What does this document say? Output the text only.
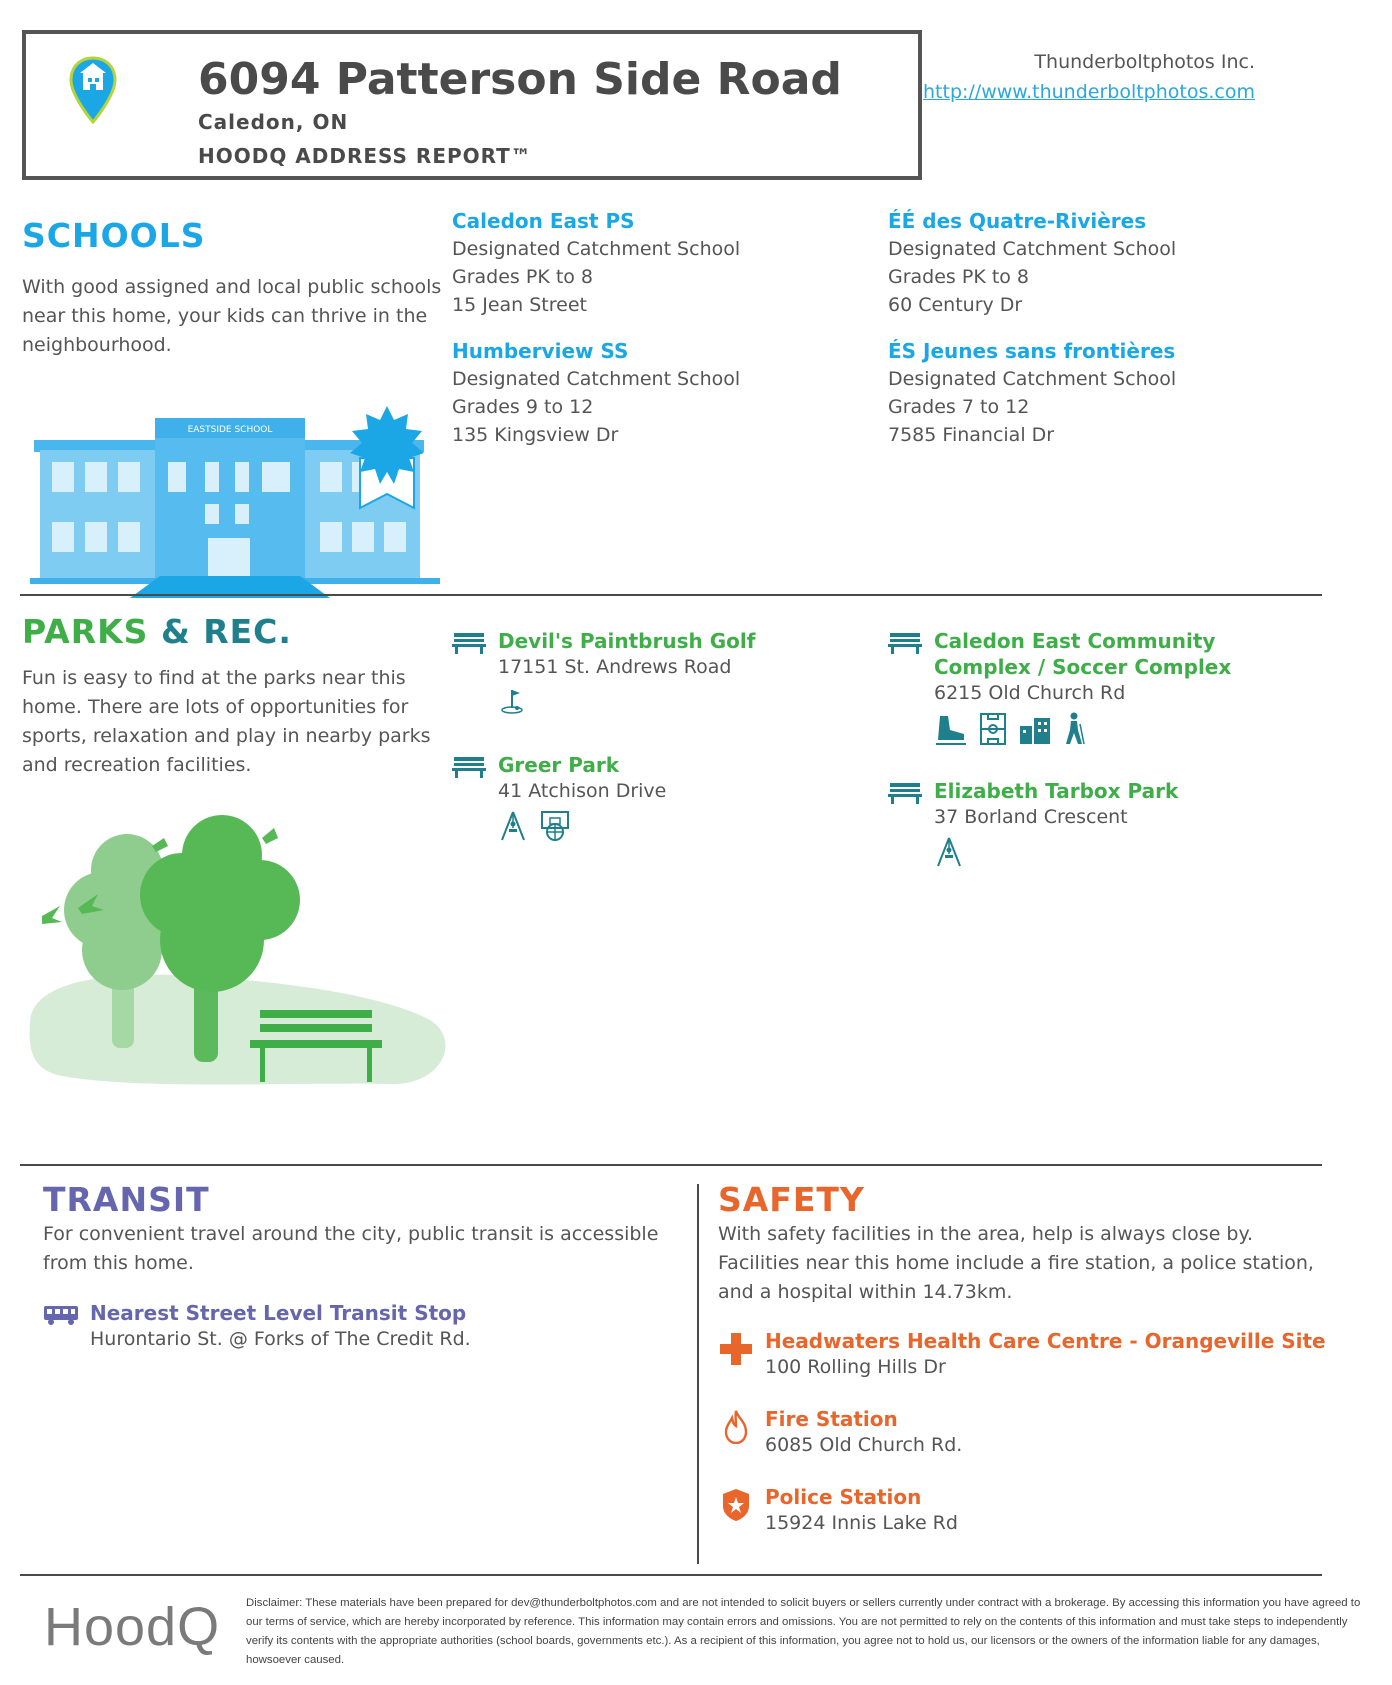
6094 Patterson Side Road
Caledon, ON
HOODQ ADDRESS REPORT™
Thunderboltphotos Inc.
http://www.thunderboltphotos.com
SCHOOLS
With good assigned and local public schools near this home, your kids can thrive in the neighbourhood.
EASTSIDE SCHOOL
Caledon East PS
Designated Catchment School
Grades PK to 8
15 Jean Street
ÉÉ des Quatre-Rivières
Designated Catchment School
Grades PK to 8
60 Century Dr
Humberview SS
Designated Catchment School
Grades 9 to 12
135 Kingsview Dr
ÉS Jeunes sans frontières
Designated Catchment School
Grades 7 to 12
7585 Financial Dr
PARKS & REC.
Fun is easy to find at the parks near this home. There are lots of opportunities for sports, relaxation and play in nearby parks and recreation facilities.
Devil's Paintbrush Golf
17151 St. Andrews Road
Caledon East Community
Complex / Soccer Complex
6215 Old Church Rd
Greer Park
41 Atchison Drive	Elizabeth Tarbox Park
37 Borland Crescent
TRANSIT
For convenient travel around the city, public transit is accessible from this home.
Nearest Street Level Transit Stop
Hurontario St. @ Forks of The Credit Rd.
SAFETY
With safety facilities in the area, help is always close by. Facilities near this home include a fire station, a police station, and a hospital within 14.73km.
Headwaters Health Care Centre - Orangeville Site
100 Rolling Hills Dr
Fire Station
6085 Old Church Rd.
Police Station
15924 Innis Lake Rd
HoodQ Disclaimer: These materials have been prepared for dev@thunderboltphotos.com and are not intended to solicit buyers or sellers currently under contract with a brokerage. By accessing this information you have agreed to our terms of service, which are hereby incorporated by reference. This information may contain errors and omissions. You are not permitted to rely on the contents of this information and must take steps to independently verify its contents with the appropriate authorities (school boards, governments etc.). As a recipient of this information, you agree not to hold us, our licensors or the owners of the information liable for any damages, howsoever caused.
